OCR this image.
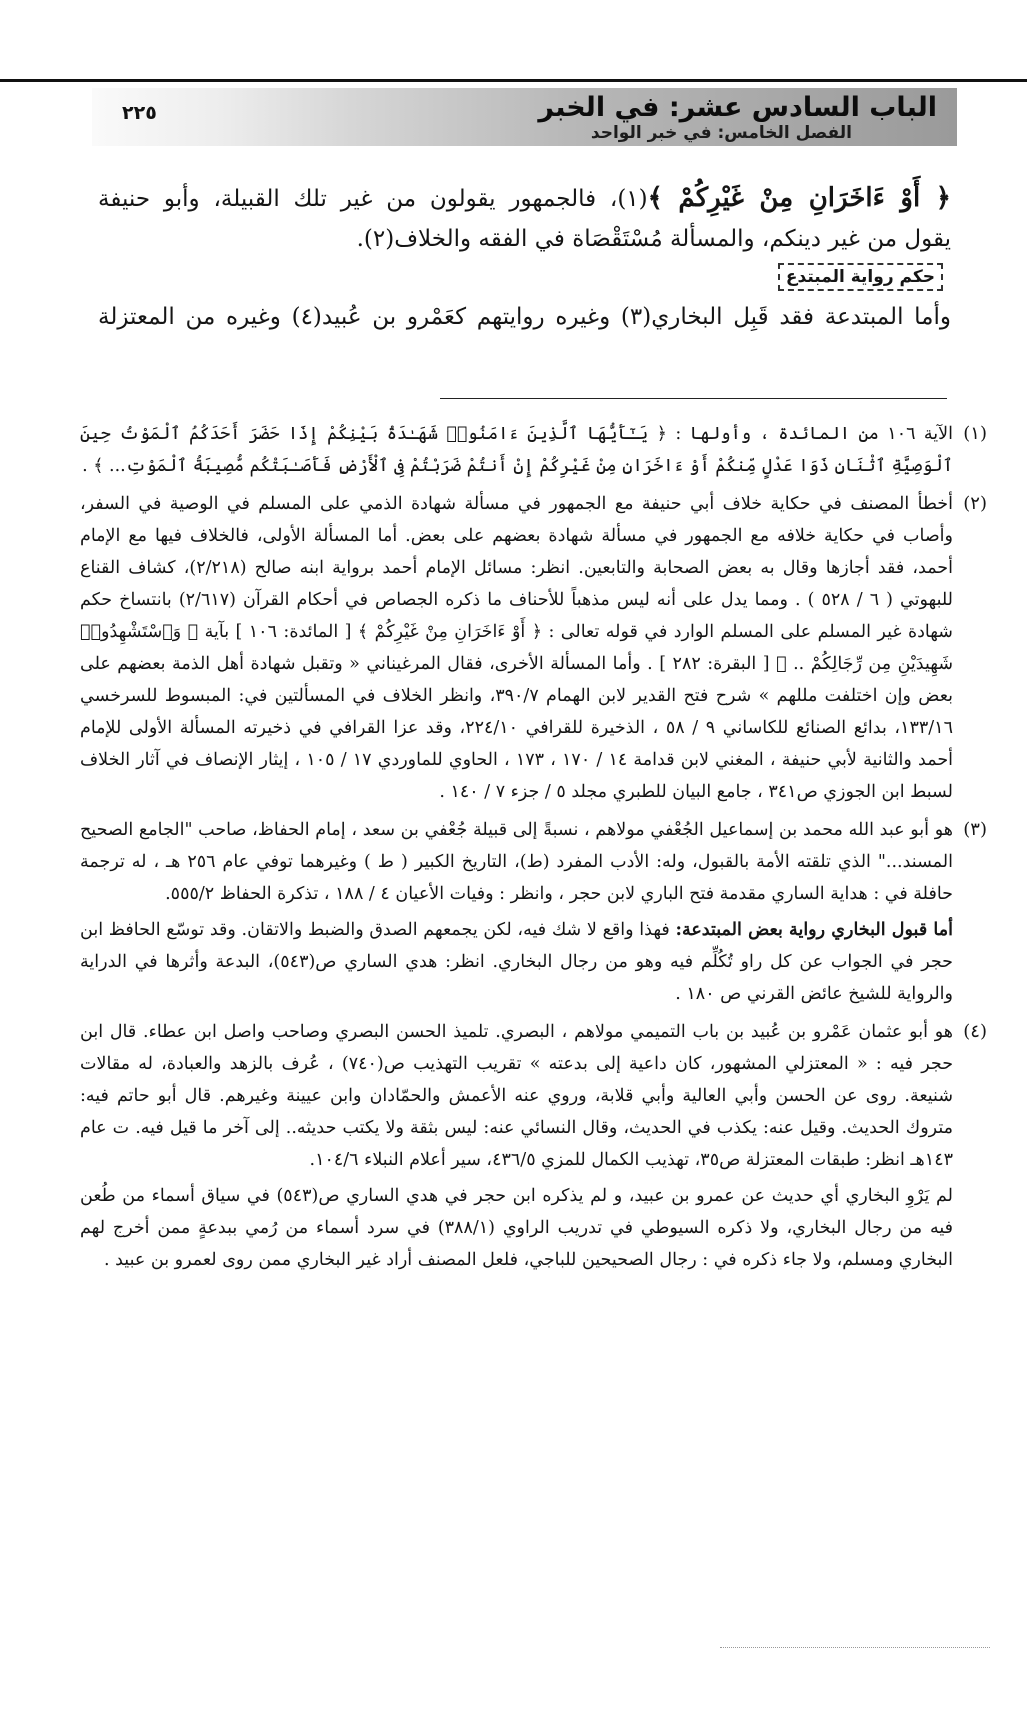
الباب السادس عشر: في الخبر
الفصل الخامس: في خبر الواحد
٢٢٥
﴿ أَوْ ءَاخَرَانِ مِنْ غَيْرِكُمْ ﴾(١)، فالجمهور يقولون من غير تلك القبيلة، وأبو حنيفة
يقول من غير دينكم، والمسألة مُسْتَقْصَاة في الفقه والخلاف(٢).
حكم رواية المبتدع
وأما المبتدعة فقد قَبِل البخاري(٣) وغيره روايتهم كعَمْرو بن عُبيد(٤) وغيره من المعتزلة
(١)
الآية ١٠٦ من المائدة ، وأولها : ﴿ يَـٰٓأَيُّهَا ٱلَّذِينَ ءَامَنُوا۟ شَهَـٰدَةُ بَيْنِكُمْ إِذَا حَضَرَ أَحَدَكُمُ ٱلْمَوْتُ حِينَ ٱلْوَصِيَّةِ ٱثْنَانِ ذَوَا عَدْلٍ مِّنكُمْ أَوْ ءَاخَرَانِ مِنْ غَيْرِكُمْ إِنْ أَنتُمْ ضَرَبْتُمْ فِى ٱلْأَرْضِ فَأَصَـٰبَتْكُم مُّصِيبَةُ ٱلْمَوْتِ... ﴾ .
(٢)
أخطأ المصنف في حكاية خلاف أبي حنيفة مع الجمهور في مسألة شهادة الذمي على المسلم في الوصية في السفر، وأصاب في حكاية خلافه مع الجمهور في مسألة شهادة بعضهم على بعض. أما المسألة الأولى، فالخلاف فيها مع الإمام أحمد، فقد أجازها وقال به بعض الصحابة والتابعين. انظر: مسائل الإمام أحمد برواية ابنه صالح (٢/٢١٨)، كشاف القناع للبهوتي ( ٦ / ٥٢٨ ) . ومما يدل على أنه ليس مذهباً للأحناف ما ذكره الجصاص في أحكام القرآن (٢/٦١٧) بانتساخ حكم شهادة غير المسلم على المسلم الوارد في قوله تعالى : ﴿ أَوْ ءَاخَرَانِ مِنْ غَيْرِكُمْ ﴾ [ المائدة: ١٠٦ ] بآية ﴿ وَٱسْتَشْهِدُوا۟ شَهِيدَيْنِ مِن رِّجَالِكُمْ .. ﴾ [ البقرة: ٢٨٢ ] . وأما المسألة الأخرى، فقال المرغيناني « وتقبل شهادة أهل الذمة بعضهم على بعض وإن اختلفت مللهم » شرح فتح القدير لابن الهمام ٣٩٠/٧، وانظر الخلاف في المسألتين في: المبسوط للسرخسي ١٣٣/١٦، بدائع الصنائع للكاساني ٩ / ٥٨ ، الذخيرة للقرافي ٢٢٤/١٠، وقد عزا القرافي في ذخيرته المسألة الأولى للإمام أحمد والثانية لأبي حنيفة ، المغني لابن قدامة ١٤ / ١٧٠ ، ١٧٣ ، الحاوي للماوردي ١٧ / ١٠٥ ، إيثار الإنصاف في آثار الخلاف لسبط ابن الجوزي ص٣٤١ ، جامع البيان للطبري مجلد ٥ / جزء ٧ / ١٤٠ .
(٣)
هو أبو عبد الله محمد بن إسماعيل الجُعْفي مولاهم ، نسبةً إلى قبيلة جُعْفي بن سعد ، إمام الحفاظ، صاحب "الجامع الصحيح المسند..." الذي تلقته الأمة بالقبول، وله: الأدب المفرد (ط)، التاريخ الكبير ( ط ) وغيرهما توفي عام ٢٥٦ هـ ، له ترجمة حافلة في : هداية الساري مقدمة فتح الباري لابن حجر ، وانظر : وفيات الأعيان ٤ / ١٨٨ ، تذكرة الحفاظ ٥٥٥/٢.
أما قبول البخاري رواية بعض المبتدعة: فهذا واقع لا شك فيه، لكن يجمعهم الصدق والضبط والاتقان. وقد توسّع الحافظ ابن حجر في الجواب عن كل راو تُكُلِّم فيه وهو من رجال البخاري. انظر: هدي الساري ص(٥٤٣)، البدعة وأثرها في الدراية والرواية للشيخ عائض القرني ص ١٨٠ .
(٤)
هو أبو عثمان عَمْرو بن عُبيد بن باب التميمي مولاهم ، البصري. تلميذ الحسن البصري وصاحب واصل ابن عطاء. قال ابن حجر فيه : « المعتزلي المشهور، كان داعية إلى بدعته » تقريب التهذيب ص(٧٤٠) ، عُرف بالزهد والعبادة، له مقالات شنيعة. روى عن الحسن وأبي العالية وأبي قلابة، وروي عنه الأعمش والحمّادان وابن عيينة وغيرهم. قال أبو حاتم فيه: متروك الحديث. وقيل عنه: يكذب في الحديث، وقال النسائي عنه: ليس بثقة ولا يكتب حديثه.. إلى آخر ما قيل فيه. ت عام ١٤٣هـ انظر: طبقات المعتزلة ص٣٥، تهذيب الكمال للمزي ٤٣٦/٥، سير أعلام النبلاء ١٠٤/٦.
لم يَرْوِ البخاري أي حديث عن عمرو بن عبيد، و لم يذكره ابن حجر في هدي الساري ص(٥٤٣) في سياق أسماء من طُعن فيه من رجال البخاري، ولا ذكره السيوطي في تدريب الراوي (٣٨٨/١) في سرد أسماء من رُمي ببدعةٍ ممن أخرج لهم البخاري ومسلم، ولا جاء ذكره في : رجال الصحيحين للباجي، فلعل المصنف أراد غير البخاري ممن روى لعمرو بن عبيد .
